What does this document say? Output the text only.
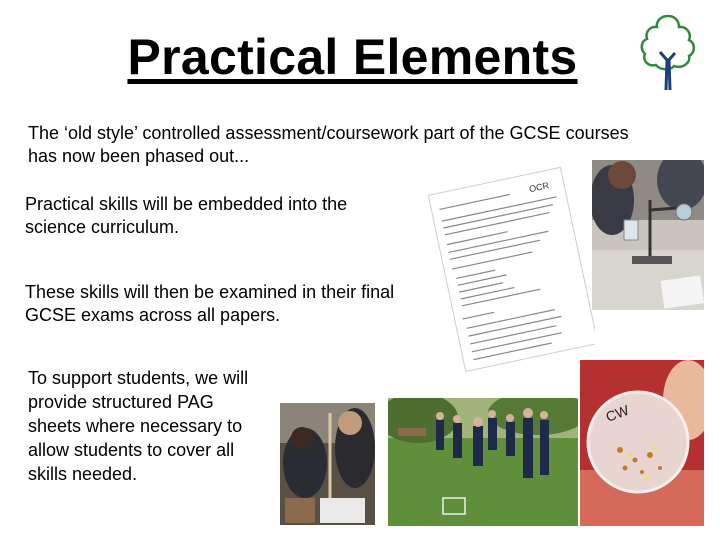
Practical Elements
The ‘old style’ controlled assessment/coursework part of the GCSE courses has now been phased out...
Practical skills will be embedded into the science curriculum.
These skills will then be examined in their final GCSE exams across all papers.
To support students, we will provide structured PAG sheets where necessary to allow students to cover all skills needed.
OCR
CW
